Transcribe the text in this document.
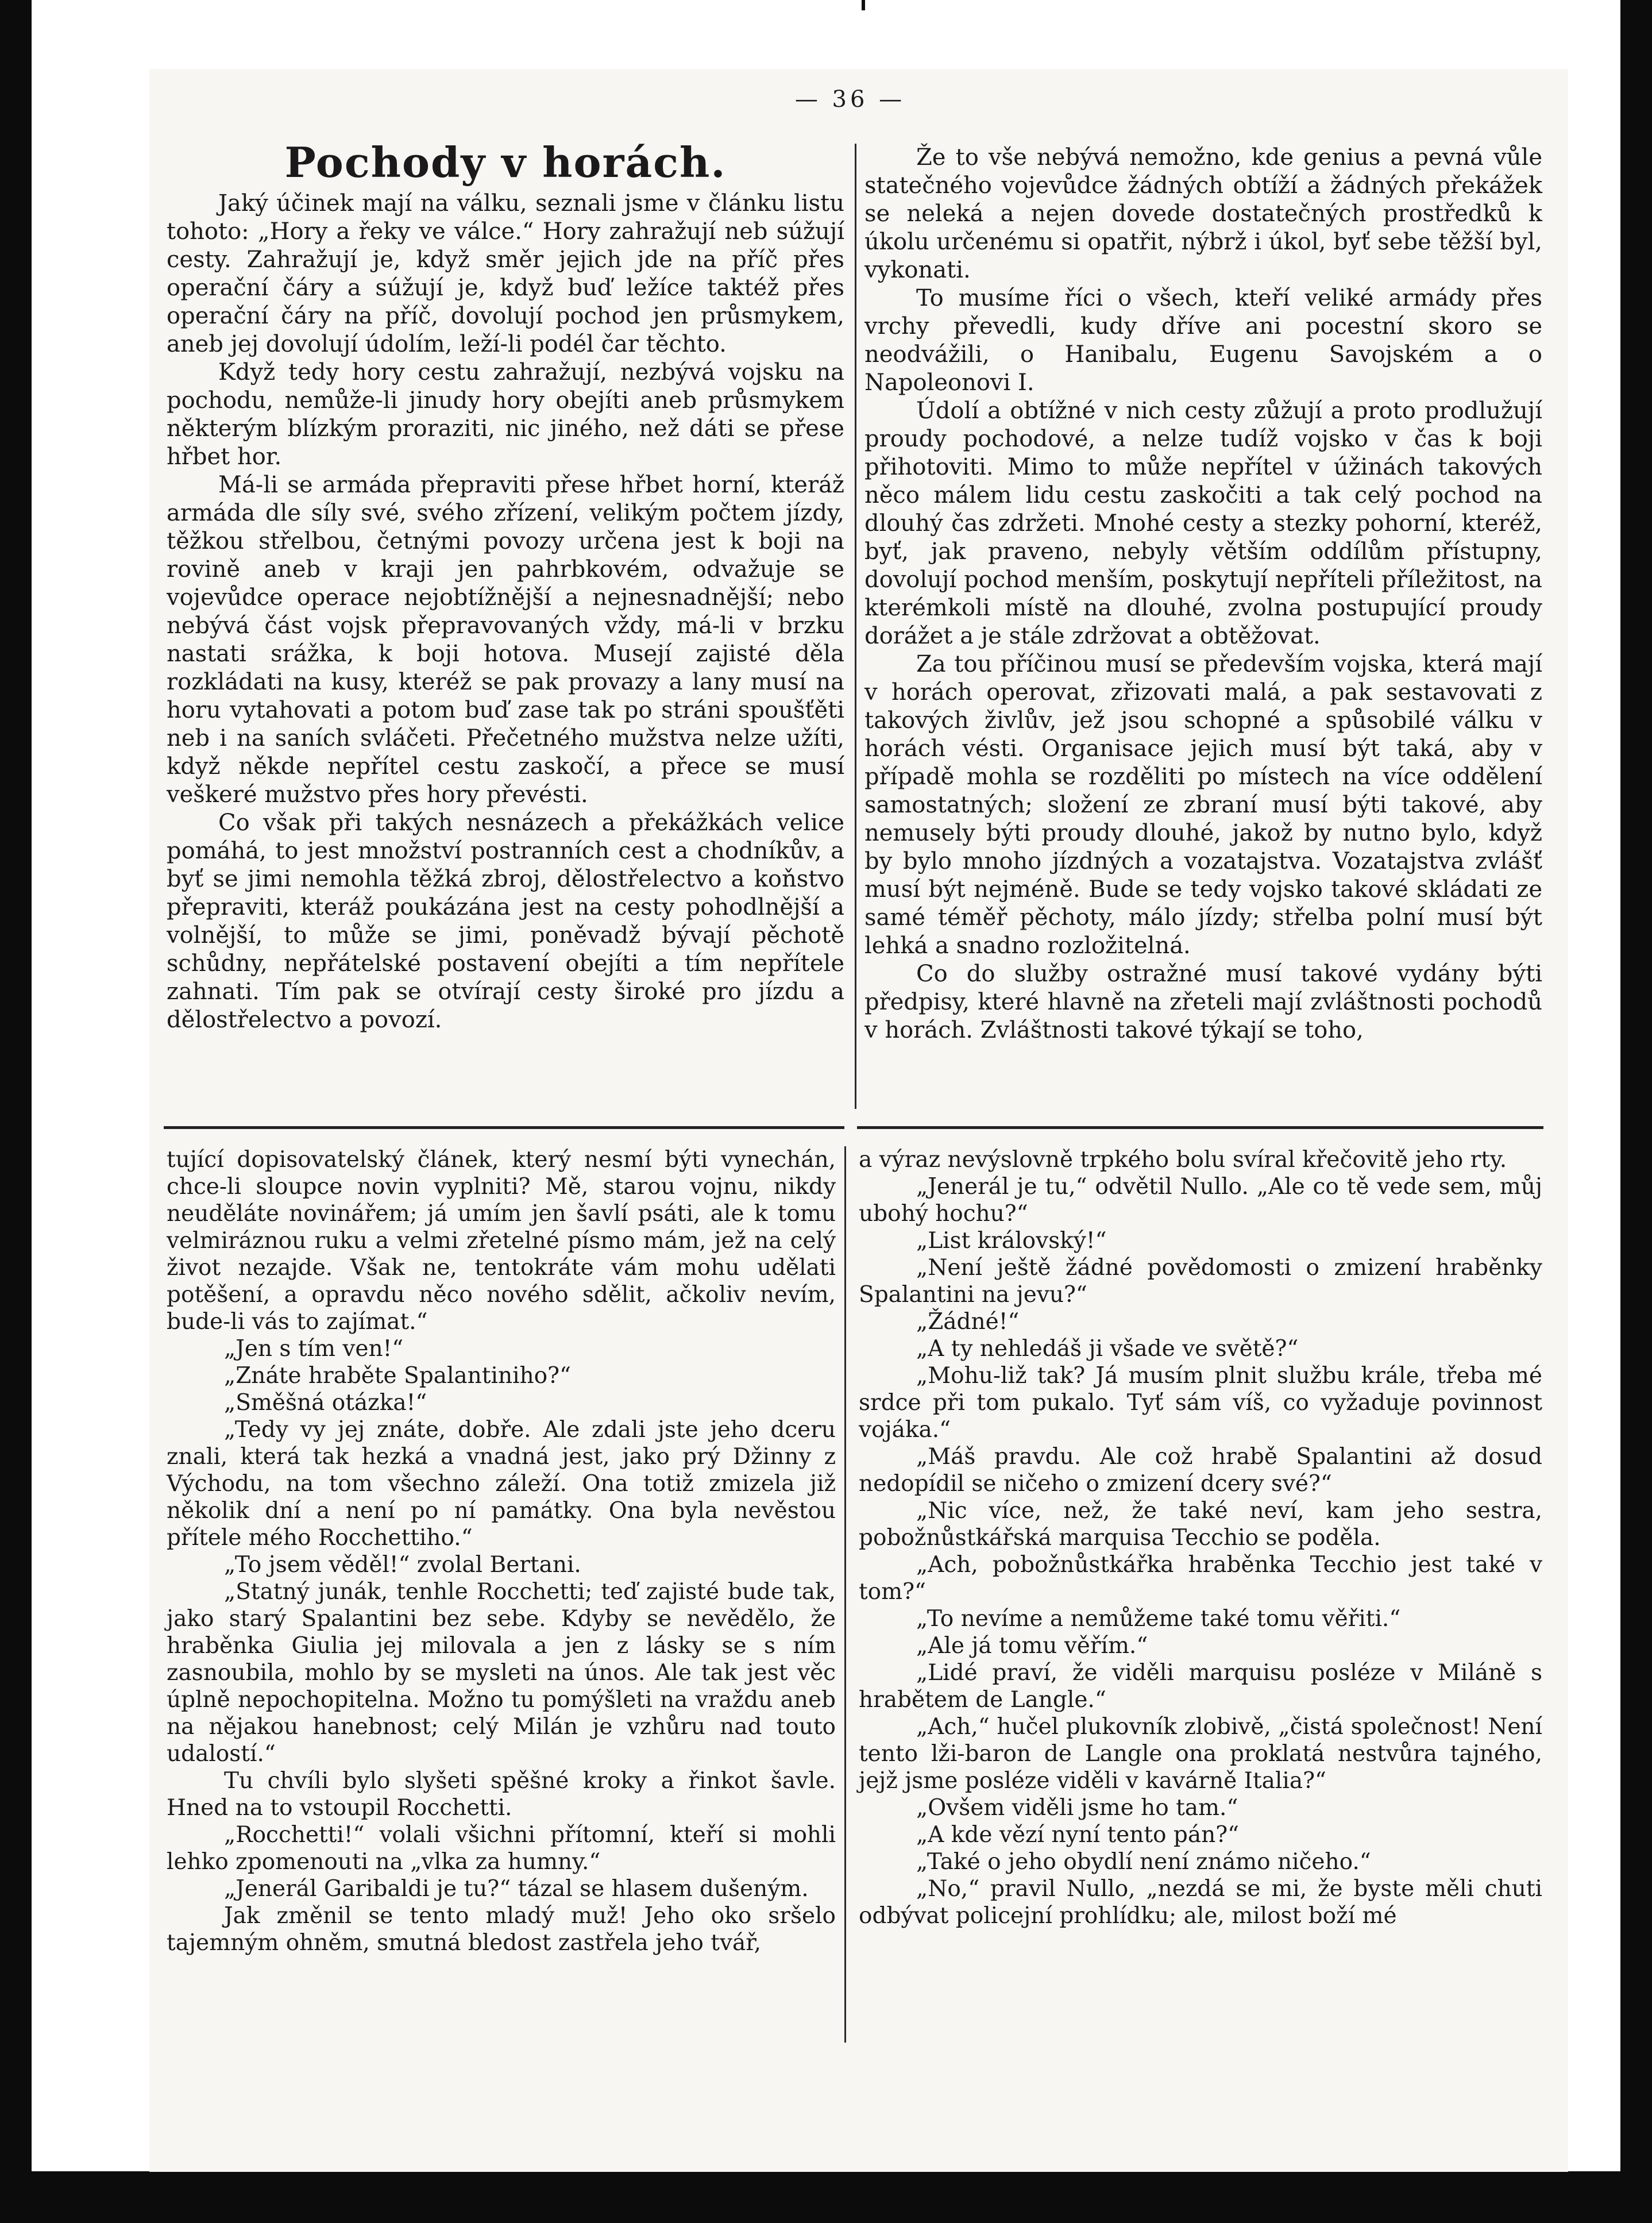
— 36 —
Pochody v horách.

Jaký účinek mají na válku, seznali jsme v článku listu tohoto: „Hory a řeky ve válce.“ Hory zahražují neb súžují cesty. Zahražují je, když směr jejich jde na příč přes operační čáry a súžují je, když buď ležíce taktéž přes operační čáry na příč, dovolují pochod jen průsmykem, aneb jej dovolují údolím, leží-li podél čar těchto.

Když tedy hory cestu zahražují, nezbývá vojsku na pochodu, nemůže-li jinudy hory obejíti aneb průsmykem některým blízkým proraziti, nic jiného, než dáti se přese hřbet hor.

Má-li se armáda přepraviti přese hřbet horní, kteráž armáda dle síly své, svého zřízení, velikým počtem jízdy, těžkou střelbou, četnými povozy určena jest k boji na rovině aneb v kraji jen pahrbkovém, odvažuje se vojevůdce operace nejobtížnější a nejnesnadnější; nebo nebývá část vojsk přepravovaných vždy, má-li v brzku nastati srážka, k boji hotova. Musejí zajisté děla rozkládati na kusy, kteréž se pak provazy a lany musí na horu vytahovati a potom buď zase tak po stráni spoušťěti neb i na saních svláčeti. Přečetného mužstva nelze užíti, když někde nepřítel cestu zaskočí, a přece se musí veškeré mužstvo přes hory převésti.

Co však při takých nesnázech a překážkách velice pomáhá, to jest množství postranních cest a chodníkův, a byť se jimi nemohla těžká zbroj, dělostřelectvo a koňstvo přepraviti, kteráž poukázána jest na cesty pohodlnější a volnější, to může se jimi, poněvadž bývají pěchotě schůdny, nepřátelské postavení obejíti a tím nepřítele zahnati. Tím pak se otvírají cesty široké pro jízdu a dělostřelectvo a povozí.

Že to vše nebývá nemožno, kde genius a pevná vůle statečného vojevůdce žádných obtíží a žádných překážek se neleká a nejen dovede dostatečných prostředků k úkolu určenému si opatřit, nýbrž i úkol, byť sebe těžší byl, vykonati.

To musíme říci o všech, kteří veliké armády přes vrchy převedli, kudy dříve ani pocestní skoro se neodvážili, o Hanibalu, Eugenu Savojském a o Napoleonovi I.

Údolí a obtížné v nich cesty zůžují a proto prodlužují proudy pochodové, a nelze tudíž vojsko v čas k boji přihotoviti. Mimo to může nepřítel v úžinách takových něco málem lidu cestu zaskočiti a tak celý pochod na dlouhý čas zdržeti. Mnohé cesty a stezky pohorní, kteréž, byť, jak praveno, nebyly větším oddílům přístupny, dovolují pochod menším, poskytují nepříteli příležitost, na kterémkoli místě na dlouhé, zvolna postupující proudy dorážet a je stále zdržovat a obtěžovat.

Za tou příčinou musí se především vojska, která mají v horách operovat, zřizovati malá, a pak sestavovati z takových živlův, jež jsou schopné a spůsobilé válku v horách vésti. Organisace jejich musí být taká, aby v případě mohla se rozděliti po místech na více oddělení samostatných; složení ze zbraní musí býti takové, aby nemusely býti proudy dlouhé, jakož by nutno bylo, když by bylo mnoho jízdných a vozatajstva. Vozatajstva zvlášť musí být nejméně. Bude se tedy vojsko takové skládati ze samé téměř pěchoty, málo jízdy; střelba polní musí být lehká a snadno rozložitelná.

Co do služby ostražné musí takové vydány býti předpisy, které hlavně na zřeteli mají zvláštnosti pochodů v horách. Zvláštnosti takové týkají se toho,

tující dopisovatelský článek, který nesmí býti vynechán, chce-li sloupce novin vyplniti? Mě, starou vojnu, nikdy neuděláte novinářem; já umím jen šavlí psáti, ale k tomu velmiráznou ruku a velmi zřetelné písmo mám, jež na celý život nezajde. Však ne, tentokráte vám mohu udělati potěšení, a opravdu něco nového sdělit, ačkoliv nevím, bude-li vás to zajímat.“

„Jen s tím ven!“

„Znáte hraběte Spalantiniho?“

„Směšná otázka!“

„Tedy vy jej znáte, dobře. Ale zdali jste jeho dceru znali, která tak hezká a vnadná jest, jako prý Džinny z Východu, na tom všechno záleží. Ona totiž zmizela již několik dní a není po ní památky. Ona byla nevěstou přítele mého Rocchettiho.“

„To jsem věděl!“ zvolal Bertani.

„Statný junák, tenhle Rocchetti; teď zajisté bude tak, jako starý Spalantini bez sebe. Kdyby se nevědělo, že hraběnka Giulia jej milovala a jen z lásky se s ním zasnoubila, mohlo by se mysleti na únos. Ale tak jest věc úplně nepochopitelna. Možno tu pomýšleti na vraždu aneb na nějakou hanebnost; celý Milán je vzhůru nad touto udalostí.“

Tu chvíli bylo slyšeti spěšné kroky a řinkot šavle. Hned na to vstoupil Rocchetti.

„Rocchetti!“ volali všichni přítomní, kteří si mohli lehko zpomenouti na „vlka za humny.“

„Jenerál Garibaldi je tu?“ tázal se hlasem dušeným.

Jak změnil se tento mladý muž! Jeho oko sršelo tajemným ohněm, smutná bledost zastřela jeho tvář,

a výraz nevýslovně trpkého bolu svíral křečovitě jeho rty.

„Jenerál je tu,“ odvětil Nullo. „Ale co tě vede sem, můj ubohý hochu?“

„List královský!“

„Není ještě žádné povědomosti o zmizení hraběnky Spalantini na jevu?“

„Žádné!“

„A ty nehledáš ji všade ve světě?“

„Mohu-liž tak? Já musím plnit službu krále, třeba mé srdce při tom pukalo. Tyť sám víš, co vyžaduje povinnost vojáka.“

„Máš pravdu. Ale což hrabě Spalantini až dosud nedopídil se ničeho o zmizení dcery své?“

„Nic více, než, že také neví, kam jeho sestra, pobožnůstkářská marquisa Tecchio se poděla.

„Ach, pobožnůstkářka hraběnka Tecchio jest také v tom?“

„To nevíme a nemůžeme také tomu věřiti.“

„Ale já tomu věřím.“

„Lidé praví, že viděli marquisu posléze v Miláně s hrabětem de Langle.“

„Ach,“ hučel plukovník zlobivě, „čistá společnost! Není tento lži-baron de Langle ona proklatá nestvůra tajného, jejž jsme posléze viděli v kavárně Italia?“

„Ovšem viděli jsme ho tam.“

„A kde vězí nyní tento pán?“

„Také o jeho obydlí není známo ničeho.“

„No,“ pravil Nullo, „nezdá se mi, že byste měli chuti odbývat policejní prohlídku; ale, milost boží mé
